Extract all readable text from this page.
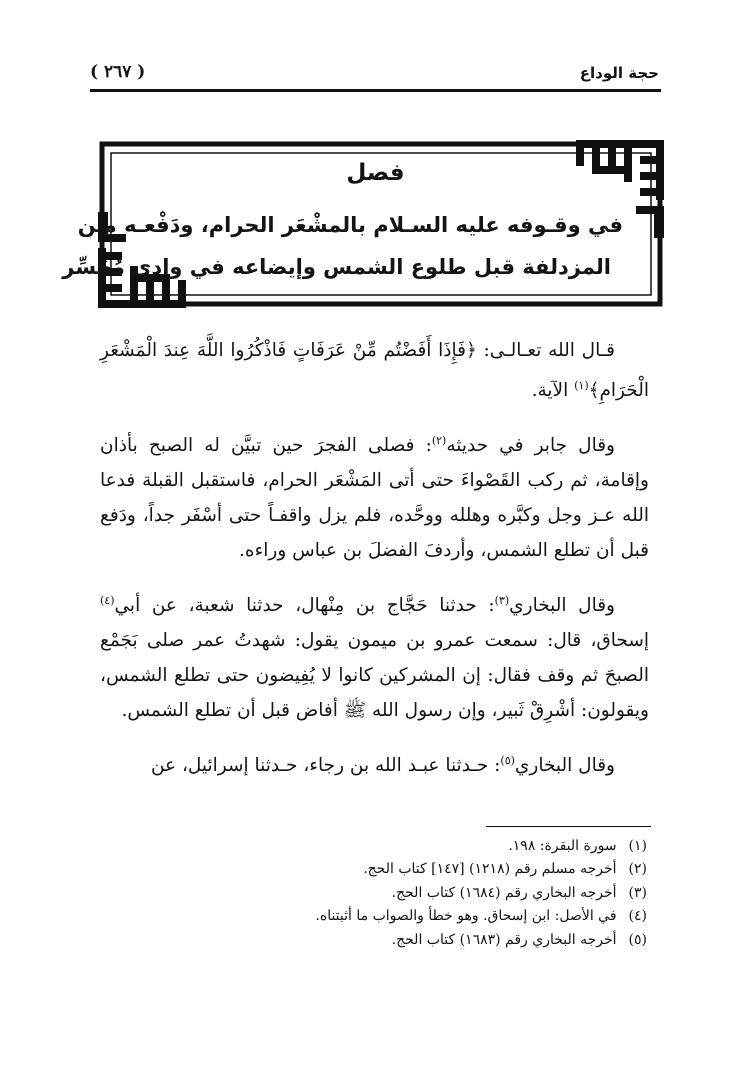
حجة الوداع
( ٢٦٧ )
فصل
في وقـوفه عليه السـلام بالمشْعَر الحرام، ودَفْعـه مـن
المزدلفة قبل طلوع الشمس وإيضاعه في وادي مُحَسِّر

قـال الله تعـالـى: ﴿فَإِذَا أَفَضْتُم مِّنْ عَرَفَاتٍ فَاذْكُرُوا اللَّهَ عِندَ الْمَشْعَرِ الْحَرَامِ﴾$^{(١)}$ الآية.

وقال جابر في حديثه$^{(٢)}$: فصلى الفجرَ حين تبيَّن له الصبح بأذان وإقامة، ثم ركب القَصْواءَ حتى أتى المَشْعَر الحرام، فاستقبل القبلة فدعا الله عـز وجل وكبَّره وهلله ووحَّده، فلم يزل واقفـاً حتى أسْفَر جداً، ودَفع قبل أن تطلع الشمس، وأردفَ الفضلَ بن عباس وراءه.

وقال البخاري$^{(٣)}$: حدثنا حَجَّاج بن مِنْهال، حدثنا شعبة، عن أبي$^{(٤)}$ إسحاق، قال: سمعت عمرو بن ميمون يقول: شهدتُ عمر صلى بَجَمْع الصبحَ ثم وقف فقال: إن المشركين كانوا لا يُفِيضون حتى تطلع الشمس، ويقولون: أشْرِقْ ثَبير، وإن رسول الله ﷺ أفاض قبل أن تطلع الشمس.

وقال البخاري$^{(٥)}$: حـدثنا عبـد الله بن رجاء، حـدثنا إسرائيل، عن

(١) سورة البقرة: ١٩٨.
(٢) أخرجه مسلم رقم (١٢١٨) [١٤٧] كتاب الحج.
(٣) أخرجه البخاري رقم (١٦٨٤) كتاب الحج.
(٤) في الأصل: ابن إسحاق. وهو خطأ والصواب ما أثبتناه.
(٥) أخرجه البخاري رقم (١٦٨٣) كتاب الحج.
